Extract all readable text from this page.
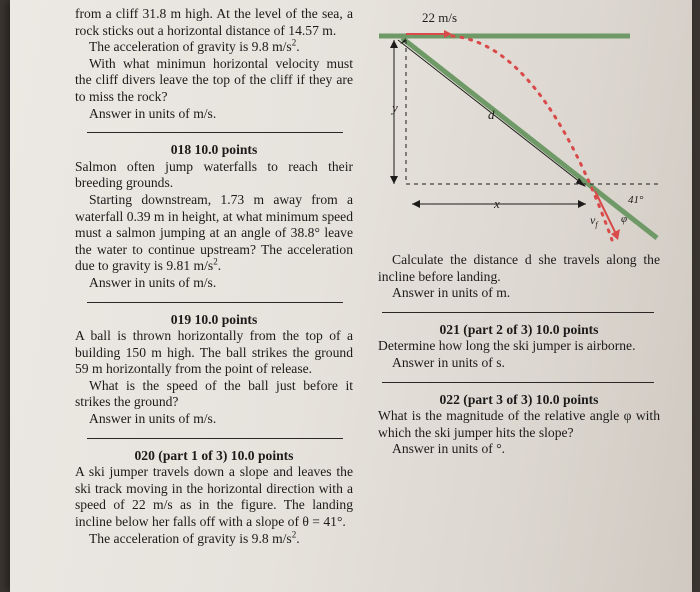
from a cliff 31.8 m high. At the level of the sea, a rock sticks out a horizontal distance of 14.57 m.

The acceleration of gravity is 9.8 $m/s^2$.

With what minimun horizontal velocity must the cliff divers leave the top of the cliff if they are to miss the rock?

Answer in units of m/s.

018 10.0 points

Salmon often jump waterfalls to reach their breeding grounds.

Starting downstream, 1.73 m away from a waterfall 0.39 m in height, at what minimum speed must a salmon jumping at an angle of 38.8° leave the water to continue upstream? The acceleration due to gravity is 9.81 $m/s^2$.

Answer in units of m/s.

019 10.0 points

A ball is thrown horizontally from the top of a building 150 m high. The ball strikes the ground 59 m horizontally from the point of release.

What is the speed of the ball just before it strikes the ground?

Answer in units of m/s.

020 (part 1 of 3) 10.0 points

A ski jumper travels down a slope and leaves the ski track moving in the horizontal direction with a speed of 22 m/s as in the figure. The landing incline below her falls off with a slope of θ = 41°.

The acceleration of gravity is 9.8 $m/s^2$.

22 m/s
y	d
x	41°
$v_f$ φ

Calculate the distance d she travels along the incline before landing.

Answer in units of m.

021 (part 2 of 3) 10.0 points

Determine how long the ski jumper is airborne.

Answer in units of s.

022 (part 3 of 3) 10.0 points

What is the magnitude of the relative angle φ with which the ski jumper hits the slope?

Answer in units of °.
